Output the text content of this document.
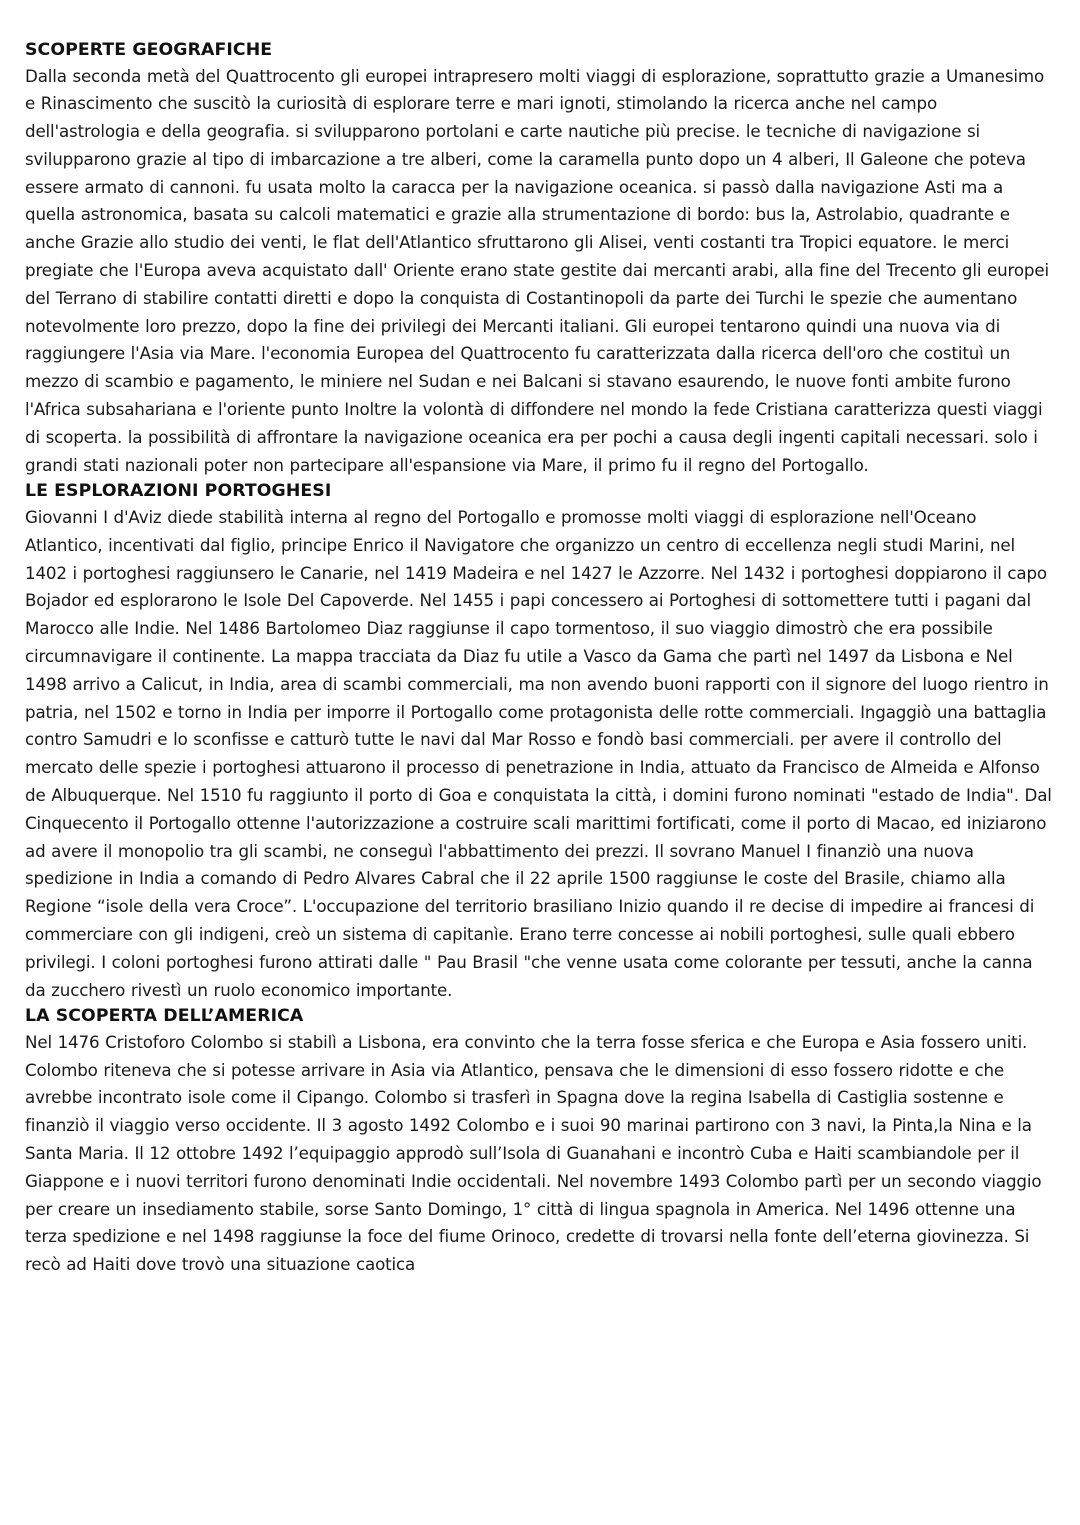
SCOPERTE GEOGRAFICHE

Dalla seconda metà del Quattrocento gli europei intrapresero molti viaggi di esplorazione, soprattutto grazie a Umanesimo e Rinascimento che suscitò la curiosità di esplorare terre e mari ignoti, stimolando la ricerca anche nel campo dell'astrologia e della geografia. si svilupparono portolani e carte nautiche più precise. le tecniche di navigazione si svilupparono grazie al tipo di imbarcazione a tre alberi, come la caramella punto dopo un 4 alberi, Il Galeone che poteva essere armato di cannoni. fu usata molto la caracca per la navigazione oceanica. si passò dalla navigazione Asti ma a quella astronomica, basata su calcoli matematici e grazie alla strumentazione di bordo: bus la, Astrolabio, quadrante e anche Grazie allo studio dei venti, le flat dell'Atlantico sfruttarono gli Alisei, venti costanti tra Tropici equatore. le merci pregiate che l'Europa aveva acquistato dall' Oriente erano state gestite dai mercanti arabi, alla fine del Trecento gli europei del Terrano di stabilire contatti diretti e dopo la conquista di Costantinopoli da parte dei Turchi le spezie che aumentano notevolmente loro prezzo, dopo la fine dei privilegi dei Mercanti italiani. Gli europei tentarono quindi una nuova via di raggiungere l'Asia via Mare. l'economia Europea del Quattrocento fu caratterizzata dalla ricerca dell'oro che costituì un mezzo di scambio e pagamento, le miniere nel Sudan e nei Balcani si stavano esaurendo, le nuove fonti ambite furono l'Africa subsahariana e l'oriente punto Inoltre la volontà di diffondere nel mondo la fede Cristiana caratterizza questi viaggi di scoperta. la possibilità di affrontare la navigazione oceanica era per pochi a causa degli ingenti capitali necessari. solo i grandi stati nazionali poter non partecipare all'espansione via Mare, il primo fu il regno del Portogallo.

LE ESPLORAZIONI PORTOGHESI

Giovanni I d'Aviz diede stabilità interna al regno del Portogallo e promosse molti viaggi di esplorazione nell'Oceano Atlantico, incentivati dal figlio, principe Enrico il Navigatore che organizzo un centro di eccellenza negli studi Marini, nel 1402 i portoghesi raggiunsero le Canarie, nel 1419 Madeira e nel 1427 le Azzorre. Nel 1432 i portoghesi doppiarono il capo Bojador ed esplorarono le Isole Del Capoverde. Nel 1455 i papi concessero ai Portoghesi di sottomettere tutti i pagani dal Marocco alle Indie. Nel 1486 Bartolomeo Diaz raggiunse il capo tormentoso, il suo viaggio dimostrò che era possibile circumnavigare il continente. La mappa tracciata da Diaz fu utile a Vasco da Gama che partì nel 1497 da Lisbona e Nel 1498 arrivo a Calicut, in India, area di scambi commerciali, ma non avendo buoni rapporti con il signore del luogo rientro in patria, nel 1502 e torno in India per imporre il Portogallo come protagonista delle rotte commerciali. Ingaggiò una battaglia contro Samudri e lo sconfisse e catturò tutte le navi dal Mar Rosso e fondò basi commerciali. per avere il controllo del mercato delle spezie i portoghesi attuarono il processo di penetrazione in India, attuato da Francisco de Almeida e Alfonso de Albuquerque. Nel 1510 fu raggiunto il porto di Goa e conquistata la città, i domini furono nominati "estado de India". Dal Cinquecento il Portogallo ottenne l'autorizzazione a costruire scali marittimi fortificati, come il porto di Macao, ed iniziarono ad avere il monopolio tra gli scambi, ne conseguì l'abbattimento dei prezzi. Il sovrano Manuel I finanziò una nuova spedizione in India a comando di Pedro Alvares Cabral che il 22 aprile 1500 raggiunse le coste del Brasile, chiamo alla Regione “isole della vera Croce”. L'occupazione del territorio brasiliano Inizio quando il re decise di impedire ai francesi di commerciare con gli indigeni, creò un sistema di capitanìe. Erano terre concesse ai nobili portoghesi, sulle quali ebbero privilegi. I coloni portoghesi furono attirati dalle " Pau Brasil "che venne usata come colorante per tessuti, anche la canna da zucchero rivestì un ruolo economico importante.

LA SCOPERTA DELL’AMERICA

Nel 1476 Cristoforo Colombo si stabilì a Lisbona, era convinto che la terra fosse sferica e che Europa e Asia fossero uniti. Colombo riteneva che si potesse arrivare in Asia via Atlantico, pensava che le dimensioni di esso fossero ridotte e che avrebbe incontrato isole come il Cipango. Colombo si trasferì in Spagna dove la regina Isabella di Castiglia sostenne e finanziò il viaggio verso occidente. Il 3 agosto 1492 Colombo e i suoi 90 marinai partirono con 3 navi, la Pinta,la Nina e la Santa Maria. Il 12 ottobre 1492 l’equipaggio approdò sull’Isola di Guanahani e incontrò Cuba e Haiti scambiandole per il Giappone e i nuovi territori furono denominati Indie occidentali. Nel novembre 1493 Colombo partì per un secondo viaggio per creare un insediamento stabile, sorse Santo Domingo, 1° città di lingua spagnola in America. Nel 1496 ottenne una terza spedizione e nel 1498 raggiunse la foce del fiume Orinoco, credette di trovarsi nella fonte dell’eterna giovinezza. Si recò ad Haiti dove trovò una situazione caotica
